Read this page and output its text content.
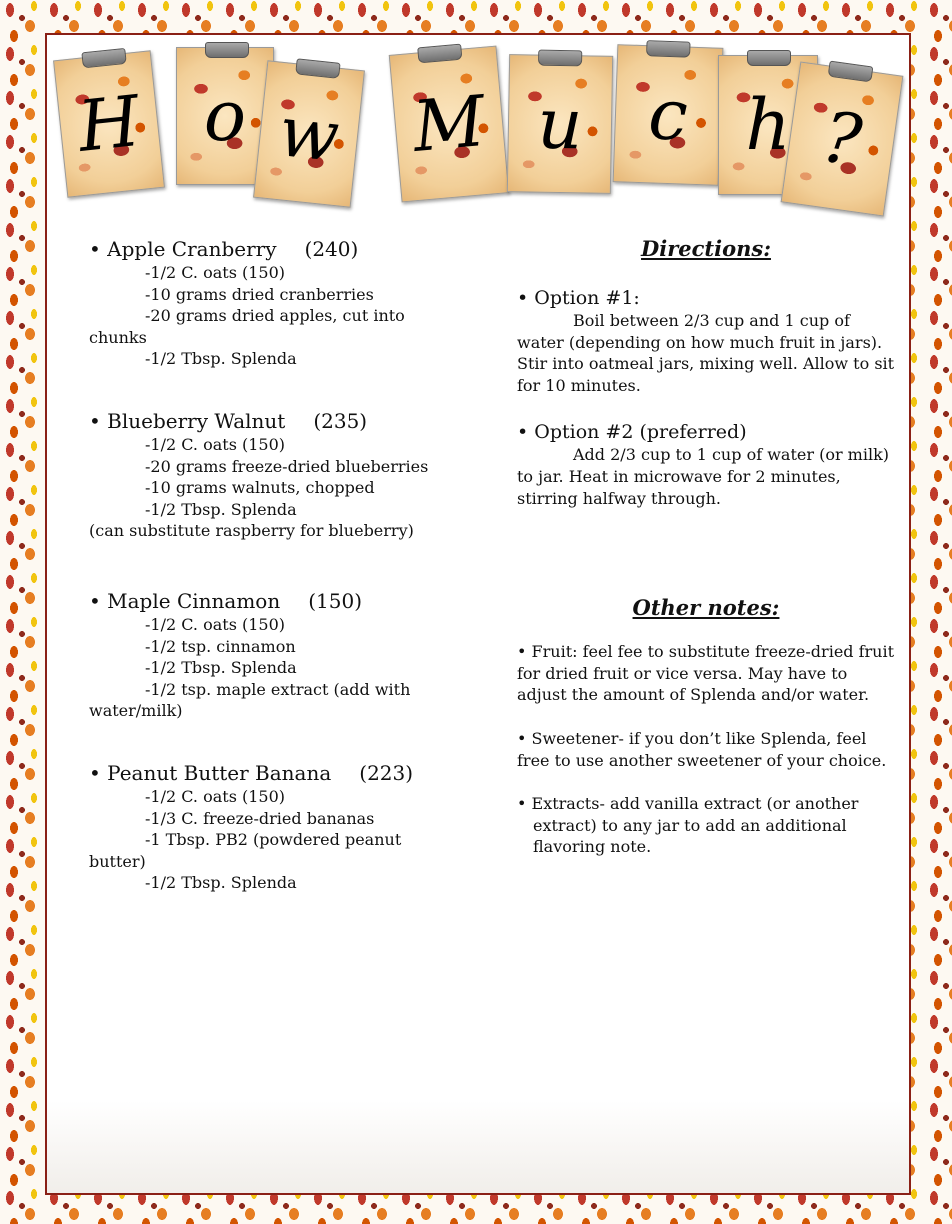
H o w M u c h ?

• Apple Cranberry (240)

-1/2 C. oats (150)

-10 grams dried cranberries

-20 grams dried apples, cut into chunks

-1/2 Tbsp. Splenda

• Blueberry Walnut (235)

-1/2 C. oats (150)

-20 grams freeze-dried blueberries

-10 grams walnuts, chopped

-1/2 Tbsp. Splenda

(can substitute raspberry for blueberry)

• Maple Cinnamon (150)

-1/2 C. oats (150)

-1/2 tsp. cinnamon

-1/2 Tbsp. Splenda

-1/2 tsp. maple extract (add with water/milk)

• Peanut Butter Banana (223)

-1/2 C. oats (150)

-1/3 C. freeze-dried bananas

-1 Tbsp. PB2 (powdered peanut butter)

-1/2 Tbsp. Splenda

Directions:

• Option #1:

Boil between 2/3 cup and 1 cup of water (depending on how much fruit in jars). Stir into oatmeal jars, mixing well. Allow to sit for 10 minutes.

• Option #2 (preferred)

Add 2/3 cup to 1 cup of water (or milk) to jar. Heat in microwave for 2 minutes, stirring halfway through.

Other notes:

• Fruit: feel fee to substitute freeze-dried fruit for dried fruit or vice versa. May have to adjust the amount of Splenda and/or water.

• Sweetener- if you don’t like Splenda, feel free to use another sweetener of your choice.

• Extracts- add vanilla extract (or another extract) to any jar to add an additional flavoring note.
